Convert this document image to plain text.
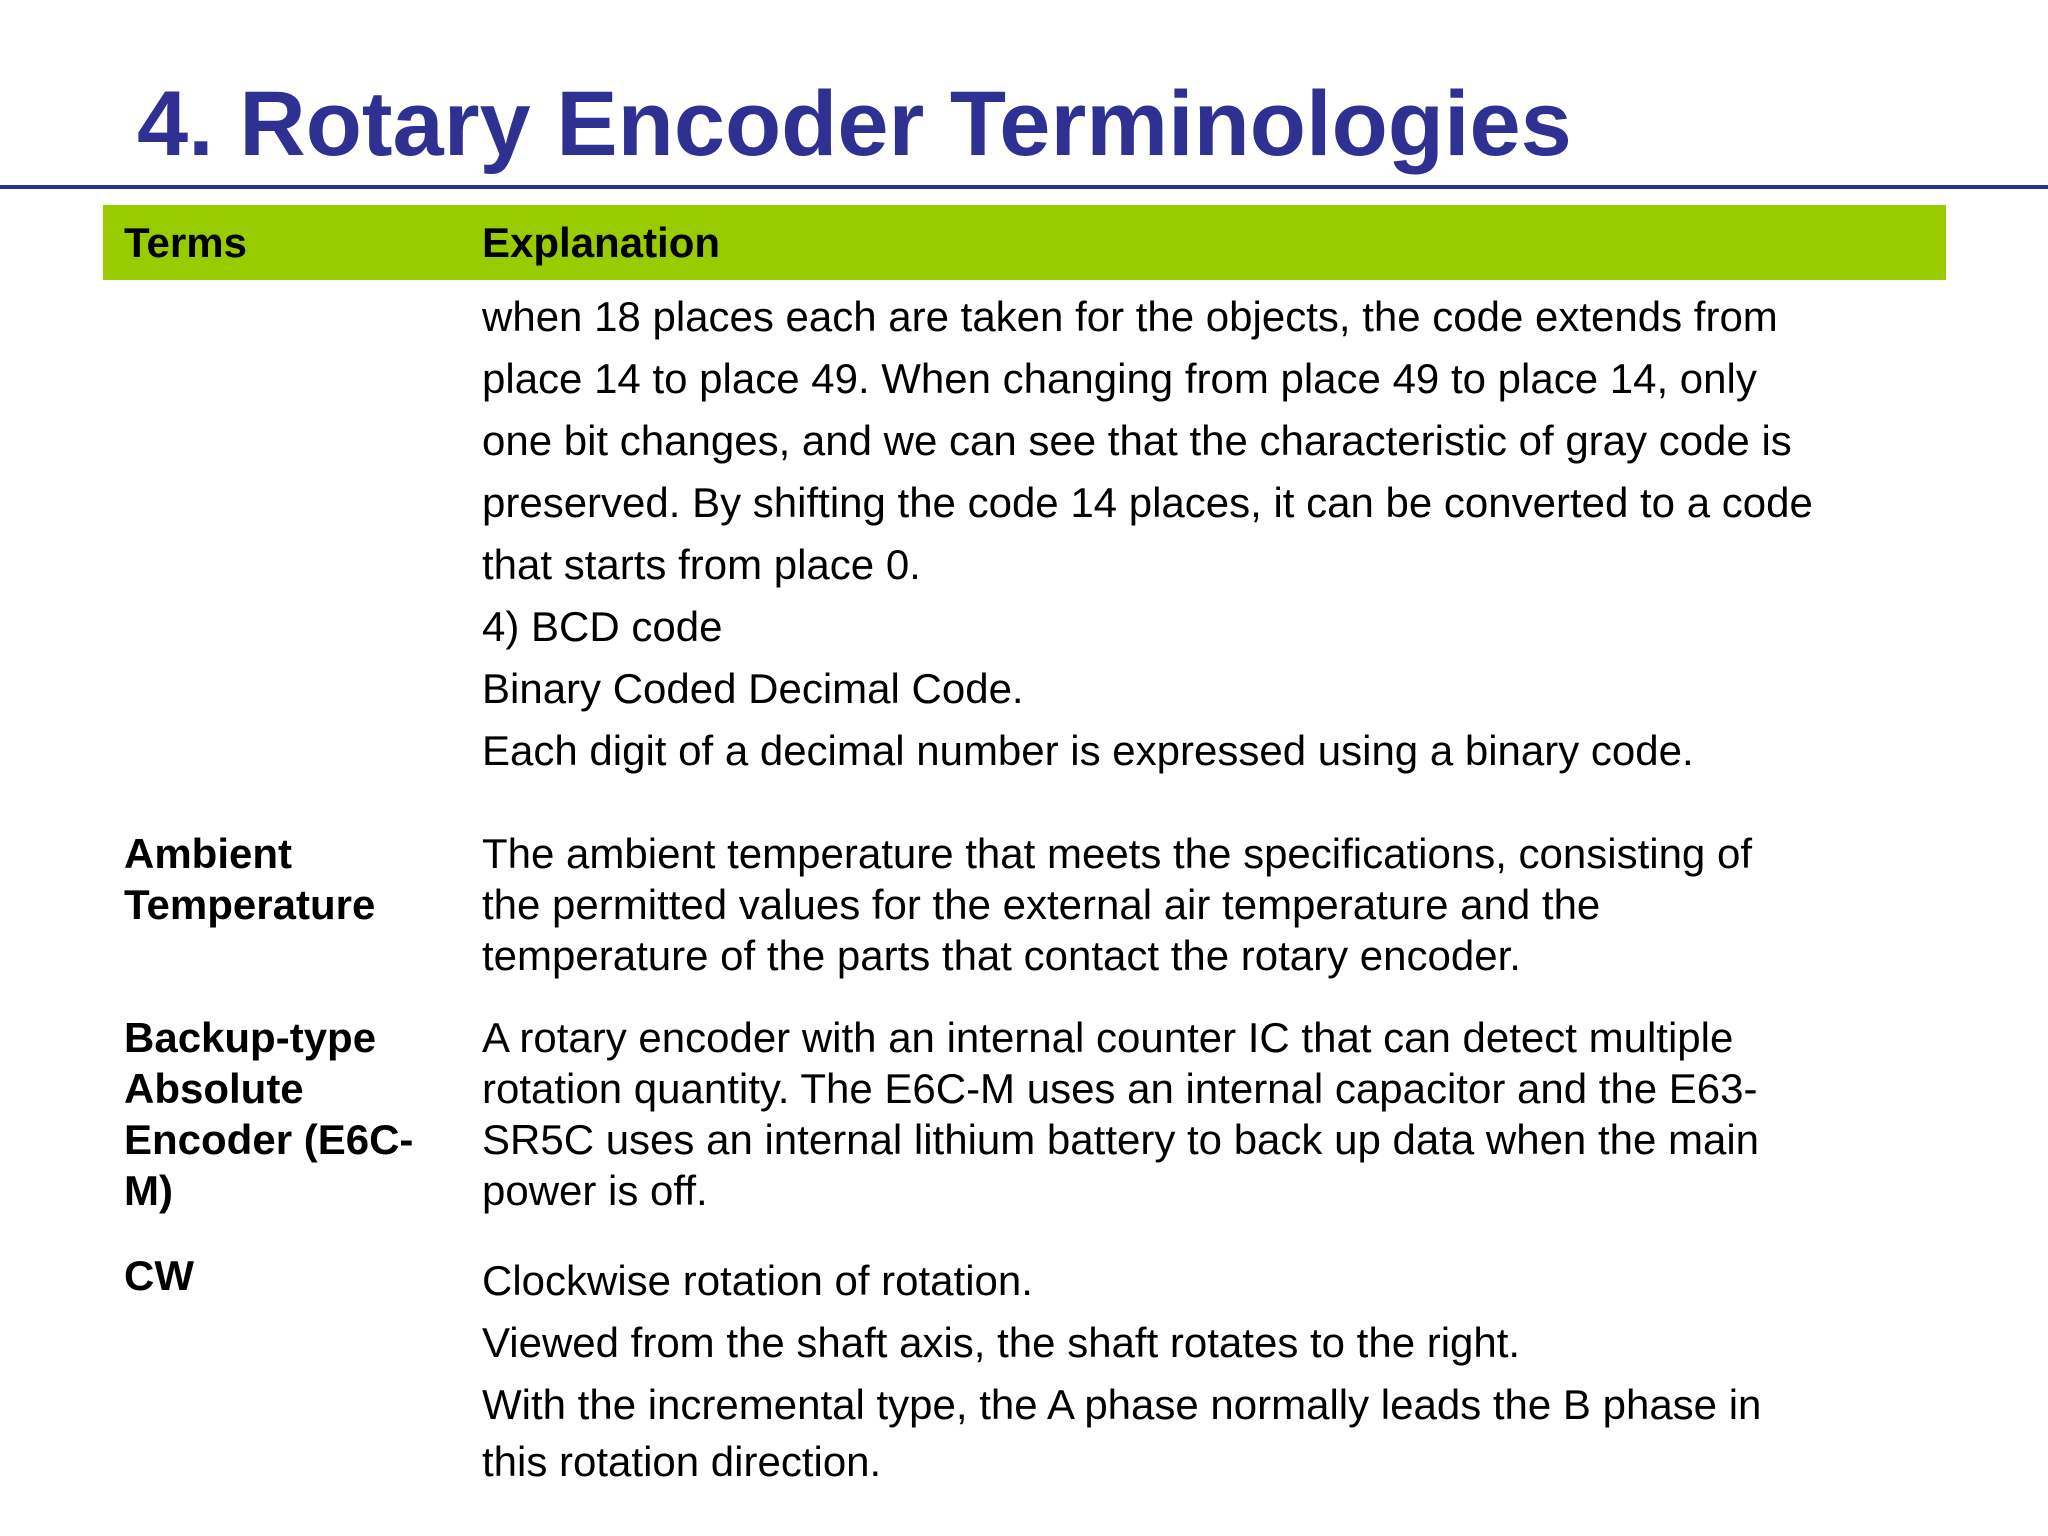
4. Rotary Encoder Terminologies
Terms	Explanation
when 18 places each are taken for the objects, the code extends from
place 14 to place 49. When changing from place 49 to place 14, only
one bit changes, and we can see that the characteristic of gray code is
preserved. By shifting the code 14 places, it can be converted to a code
that starts from place 0.
4) BCD code
Binary Coded Decimal Code.
Each digit of a decimal number is expressed using a binary code.
Ambient
Temperature
The ambient temperature that meets the specifications, consisting of
the permitted values for the external air temperature and the
temperature of the parts that contact the rotary encoder.
Backup-type
Absolute
Encoder (E6C-
M)
A rotary encoder with an internal counter IC that can detect multiple
rotation quantity. The E6C-M uses an internal capacitor and the E63-
SR5C uses an internal lithium battery to back up data when the main
power is off.
CW	Clockwise rotation of rotation.
Viewed from the shaft axis, the shaft rotates to the right.
With the incremental type, the A phase normally leads the B phase in
this rotation direction.
